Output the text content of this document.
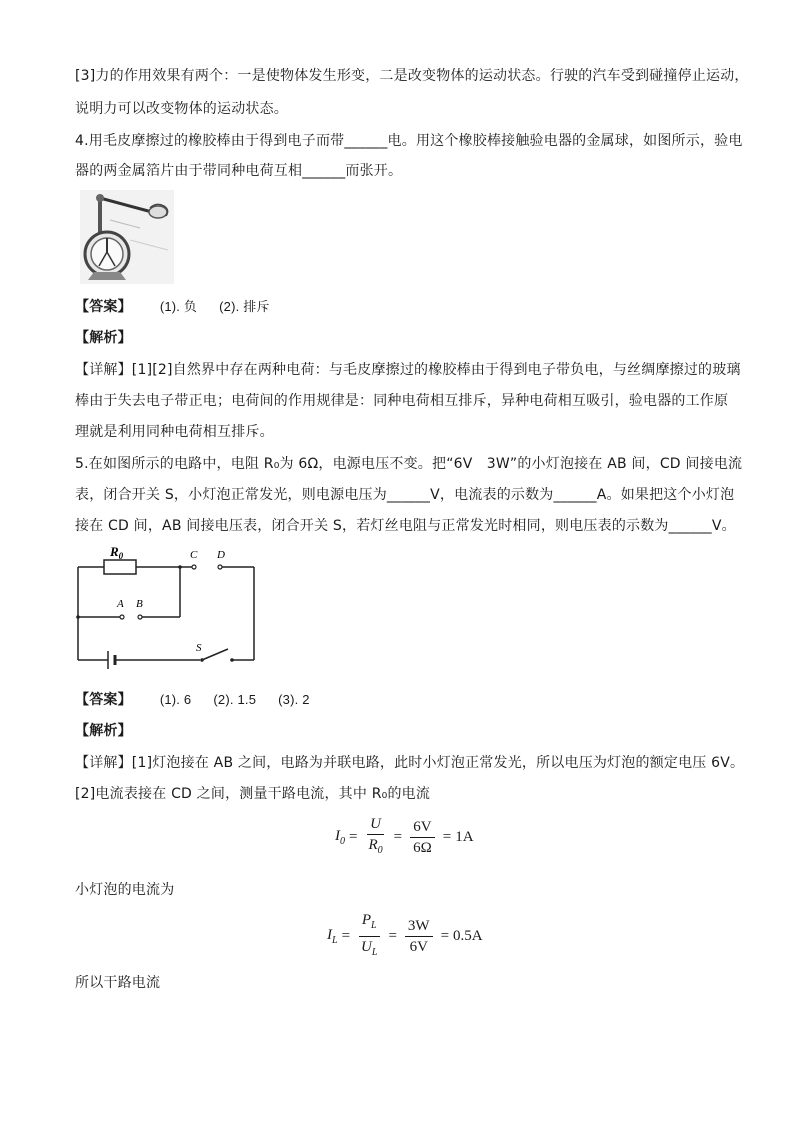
[3]力的作用效果有两个：一是使物体发生形变，二是改变物体的运动状态。行驶的汽车受到碰撞停止运动，
说明力可以改变物体的运动状态。
4.用毛皮摩擦过的橡胶棒由于得到电子而带______电。用这个橡胶棒接触验电器的金属球，如图所示，验电
器的两金属箔片由于带同种电荷互相______而张开。
【答案】 (1). 负 (2). 排斥
【解析】
【详解】[1][2]自然界中存在两种电荷：与毛皮摩擦过的橡胶棒由于得到电子带负电，与丝绸摩擦过的玻璃
棒由于失去电子带正电；电荷间的作用规律是：同种电荷相互排斥，异种电荷相互吸引，验电器的工作原
理就是利用同种电荷相互排斥。
5.在如图所示的电路中，电阻 R₀为 6Ω，电源电压不变。把“6V　3W”的小灯泡接在 AB 间，CD 间接电流
表，闭合开关 S，小灯泡正常发光，则电源电压为______V，电流表的示数为______A。如果把这个小灯泡
接在 CD 间，AB 间接电压表，闭合开关 S，若灯丝电阻与正常发光时相同，则电压表的示数为______V。
$R_0$	C D
A B
S
【答案】 (1). 6 (2). 1.5 (3). 2
【解析】
【详解】[1]灯泡接在 AB 之间，电路为并联电路，此时小灯泡正常发光，所以电压为灯泡的额定电压 6V。
[2]电流表接在 CD 之间，测量干路电流，其中 R₀的电流
$I_0 = \frac{U}{R_0} = \frac{6V}{6\Omega} = 1A$
小灯泡的电流为
$I_L = \frac{P_L}{U_L} = \frac{3W}{6V} = 0.5A$
所以干路电流
